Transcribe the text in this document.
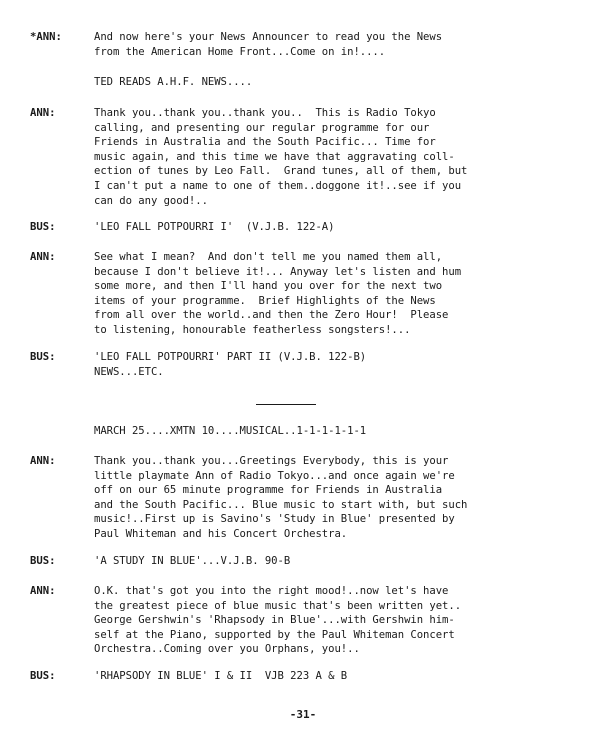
*ANN:	And now here's your News Announcer to read you the News
from the American Home Front...Come on in!....
TED READS A.H.F. NEWS....
ANN:	Thank you..thank you..thank you..  This is Radio Tokyo
calling, and presenting our regular programme for our
Friends in Australia and the South Pacific... Time for
music again, and this time we have that aggravating coll-
ection of tunes by Leo Fall.  Grand tunes, all of them, but
I can't put a name to one of them..doggone it!..see if you
can do any good!..
BUS:	'LEO FALL POTPOURRI I'  (V.J.B. 122-A)
ANN:	See what I mean?  And don't tell me you named them all,
because I don't believe it!... Anyway let's listen and hum
some more, and then I'll hand you over for the next two
items of your programme.  Brief Highlights of the News
from all over the world..and then the Zero Hour!  Please
to listening, honourable featherless songsters!...
BUS:	'LEO FALL POTPOURRI' PART II (V.J.B. 122-B)
NEWS...ETC.
MARCH 25....XMTN 10....MUSICAL..1-1-1-1-1-1
ANN:	Thank you..thank you...Greetings Everybody, this is your
little playmate Ann of Radio Tokyo...and once again we're
off on our 65 minute programme for Friends in Australia
and the South Pacific... Blue music to start with, but such
music!..First up is Savino's 'Study in Blue' presented by
Paul Whiteman and his Concert Orchestra.
BUS:	'A STUDY IN BLUE'...V.J.B. 90-B
ANN:	O.K. that's got you into the right mood!..now let's have
the greatest piece of blue music that's been written yet..
George Gershwin's 'Rhapsody in Blue'...with Gershwin him-
self at the Piano, supported by the Paul Whiteman Concert
Orchestra..Coming over you Orphans, you!..
BUS:	'RHAPSODY IN BLUE' I & II  VJB 223 A & B
-31-
